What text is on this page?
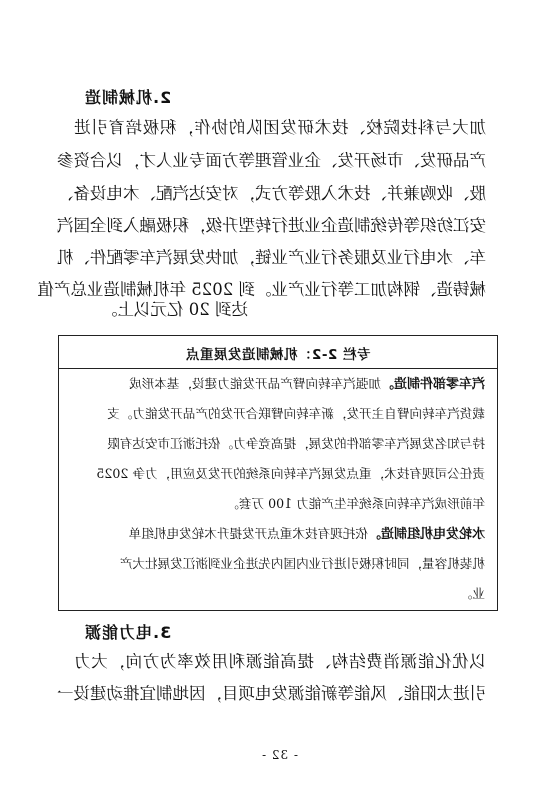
2.机械制造
加大与科技院校、技术研发团队的协作，积极培育引进
产品研发、市场开发、企业管理等方面专业人才，以合资参
股、收购兼并、技术入股等方式，对安达汽配、木电设备、
安江纺织等传统制造企业进行转型升级，积极融入到全国汽
车、水电行业及服务行业产业链，加快发展汽车零配件、机
械铸造、钢构加工等行业产业。到 2025 年机械制造业总产值
达到 20 亿元以上。
专栏 2-2：机械制造发展重点
汽车零部件制造。加强汽车转向臂产品开发能力建设，基本形成
载货汽车转向臂自主开发，新车转向臂联合开发的产品开发能力。支
持与知名发展汽车零部件的发展，提高竞争力。依托浙江市安达有限
责任公司现有技术，重点发展汽车转向系统的开发及应用，力争 2025
年前形成汽车转向系统年生产能力 100 万套。
水轮发电机组制造。依托现有技术重点开发提升木轮发电机组单
机装机容量，同时积极引进行业内国内先进企业到浙江发展壮大产
业。
3.电力能源
以优化能源消费结构、提高能源利用效率为方向，大力
引进太阳能、风能等新能源发电项目，因地制宜推动建设一
- 32 -
